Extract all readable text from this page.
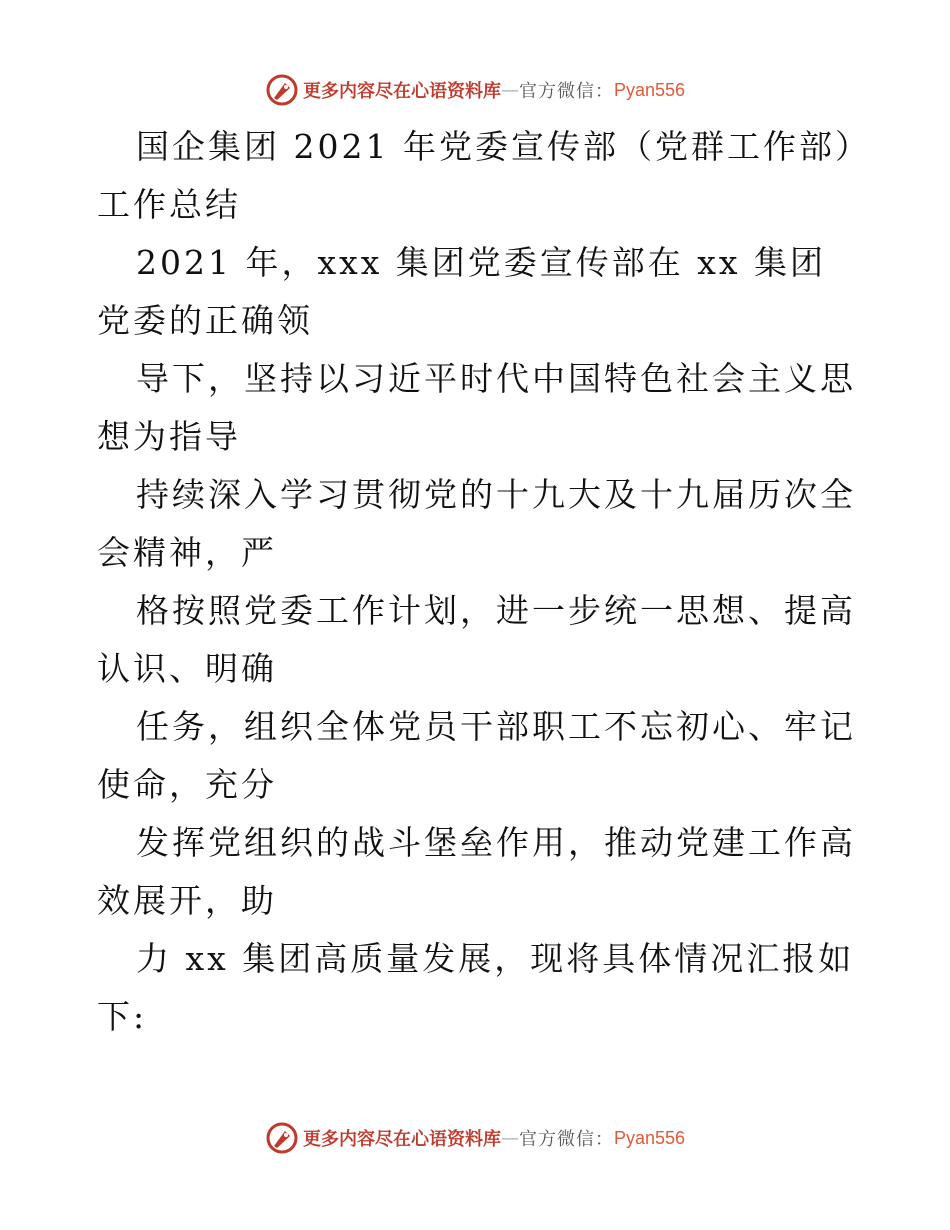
更多内容尽在心语资料库 — 官方微信： Pyan556

国企集团 2021 年党委宣传部（党群工作部）工作总结

2021 年，xxx 集团党委宣传部在 xx 集团党委的正确领

导下，坚持以习近平时代中国特色社会主义思想为指导

持续深入学习贯彻党的十九大及十九届历次全会精神，严

格按照党委工作计划，进一步统一思想、提高认识、明确

任务，组织全体党员干部职工不忘初心、牢记使命，充分

发挥党组织的战斗堡垒作用，推动党建工作高效展开，助

力 xx 集团高质量发展，现将具体情况汇报如下:

更多内容尽在心语资料库 — 官方微信： Pyan556
